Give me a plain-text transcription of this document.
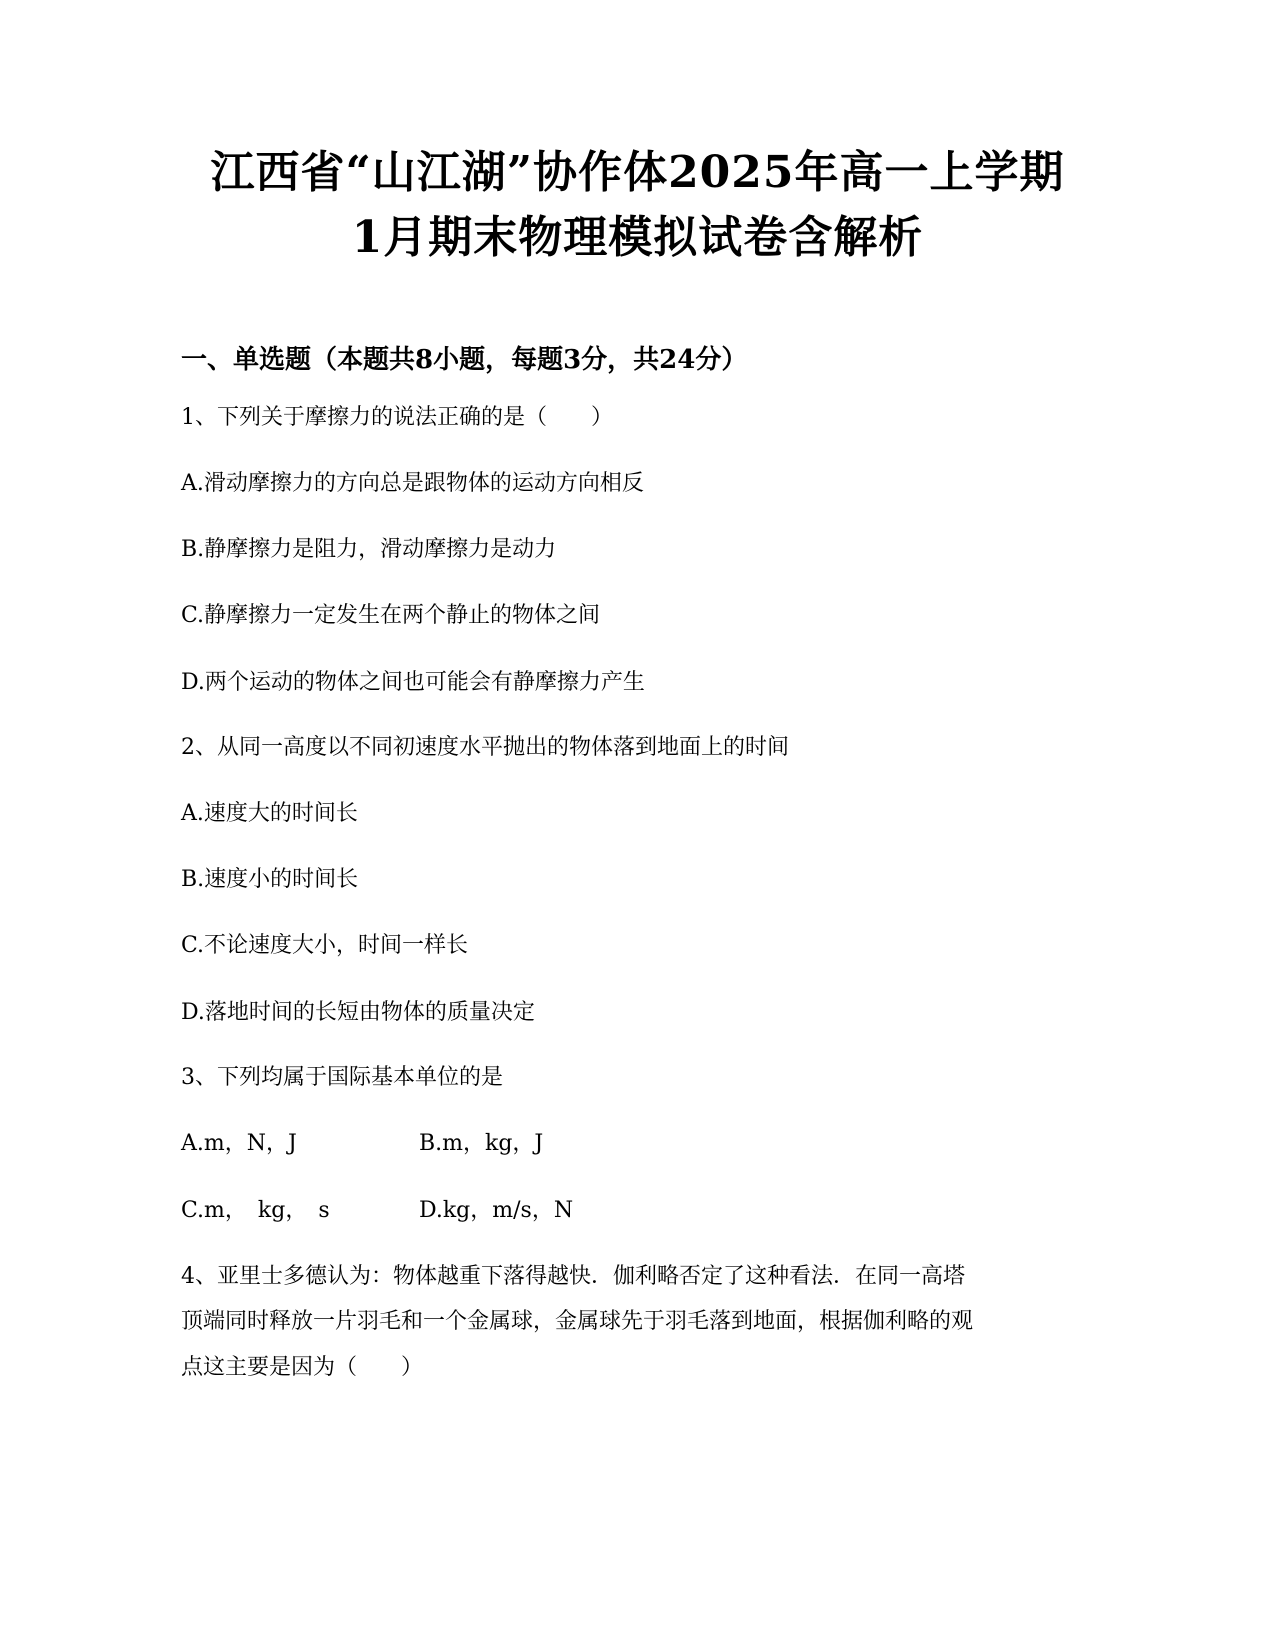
江西省“山江湖”协作体2025年高一上学期
1月期末物理模拟试卷含解析
一、单选题（本题共8小题，每题3分，共24分）
1、下列关于摩擦力的说法正确的是（　　）
A.滑动摩擦力的方向总是跟物体的运动方向相反
B.静摩擦力是阻力，滑动摩擦力是动力
C.静摩擦力一定发生在两个静止的物体之间
D.两个运动的物体之间也可能会有静摩擦力产生
2、从同一高度以不同初速度水平抛出的物体落到地面上的时间
A.速度大的时间长
B.速度小的时间长
C.不论速度大小，时间一样长
D.落地时间的长短由物体的质量决定
3、下列均属于国际基本单位的是
A.m，N，J	B.m，kg，J
C.m，　kg，　s	D.kg，m/s，N
4、亚里士多德认为：物体越重下落得越快．伽利略否定了这种看法．在同一高塔
顶端同时释放一片羽毛和一个金属球，金属球先于羽毛落到地面，根据伽利略的观
点这主要是因为（　　）
